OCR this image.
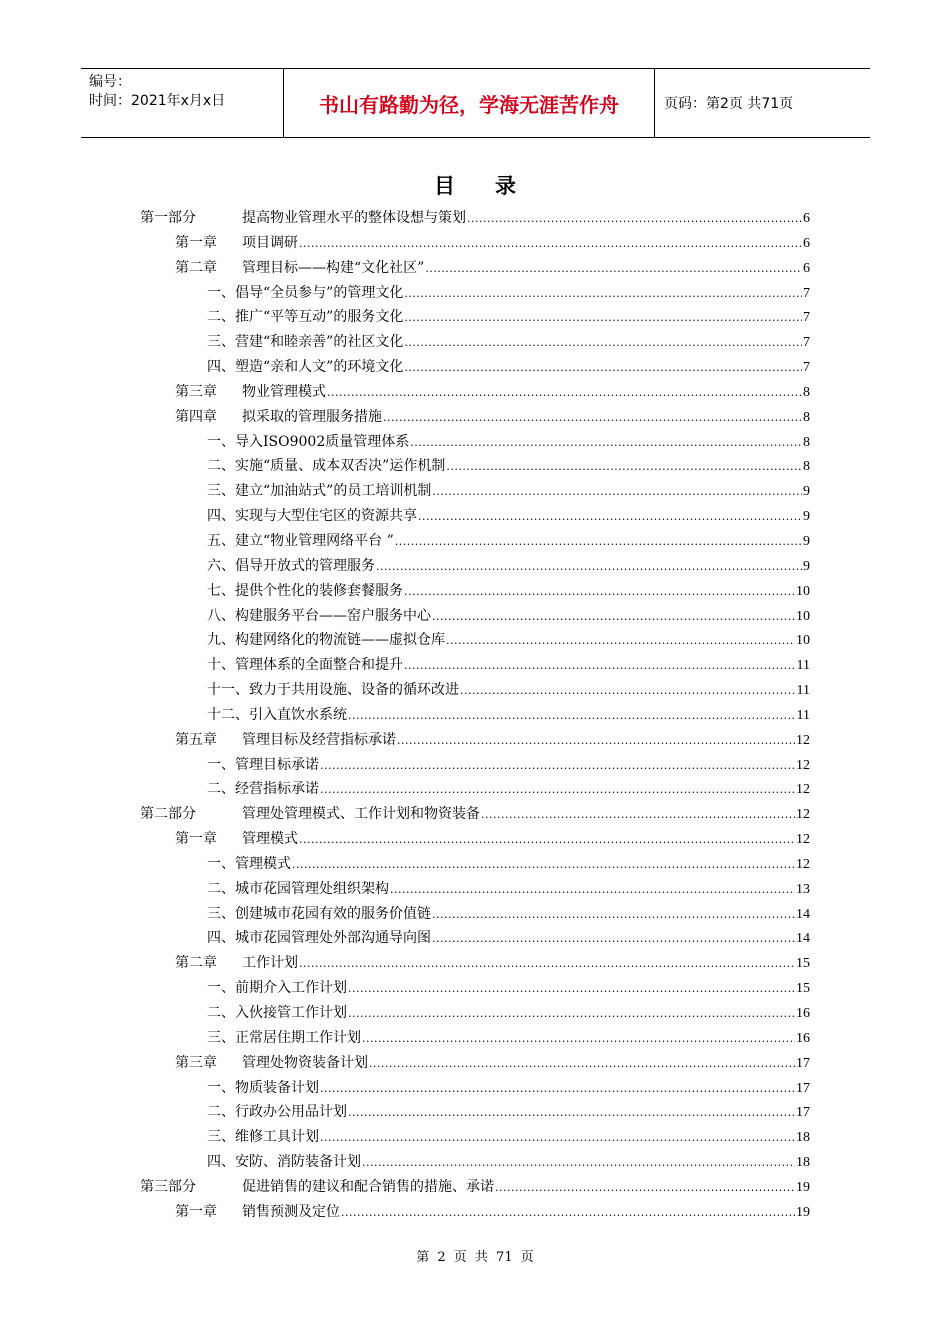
编号：
时间：2021年x月x日	书山有路勤为径，学海无涯苦作舟	页码：第2页 共71页
目录
第一部分	提高物业管理水平的整体设想与策划 .....	6
第一章 项目调研 .....	6
第二章 管理目标——构建“文化社区” .....	6
一、倡导“全员参与”的管理文化 .....	7
二、推广“平等互动”的服务文化 .....	7
三、营建“和睦亲善”的社区文化 .....	7
四、塑造“亲和人文”的环境文化 .....	7
第三章 物业管理模式 .....	8
第四章 拟采取的管理服务措施 .....	8
一、导入ISO9002质量管理体系 .....	8
二、实施“质量、成本双否决”运作机制 .....	8
三、建立“加油站式”的员工培训机制 .....	9
四、实现与大型住宅区的资源共享 .....	9
五、建立“物业管理网络平台 ” .....	9
六、倡导开放式的管理服务 .....	9
七、提供个性化的装修套餐服务 .....	10
八、构建服务平台——窑户服务中心 .....	10
九、构建网络化的物流链——虚拟仓库 .....	10
十、管理体系的全面整合和提升 .....	11
十一、致力于共用设施、设备的循环改进 .....	11
十二、引入直饮水系统 .....	11
第五章 管理目标及经营指标承诺 .....	12
一、管理目标承诺 .....	12
二、经营指标承诺 .....	12
第二部分	管理处管理模式、工作计划和物资装备 .....	12
第一章 管理模式 .....	12
一、管理模式 .....	12
二、城市花园管理处组织架构 .....	13
三、创建城市花园有效的服务价值链 .....	14
四、城市花园管理处外部沟通导向图 .....	14
第二章 工作计划 .....	15
一、前期介入工作计划 .....	15
二、入伙接管工作计划 .....	16
三、正常居住期工作计划 .....	16
第三章 管理处物资装备计划 .....	17
一、物质装备计划 .....	17
二、行政办公用品计划 .....	17
三、维修工具计划 .....	18
四、安防、消防装备计划 .....	18
第三部分	促进销售的建议和配合销售的措施、承诺 .....	19
第一章 销售预测及定位 .....	19
第 2 页 共 71 页
